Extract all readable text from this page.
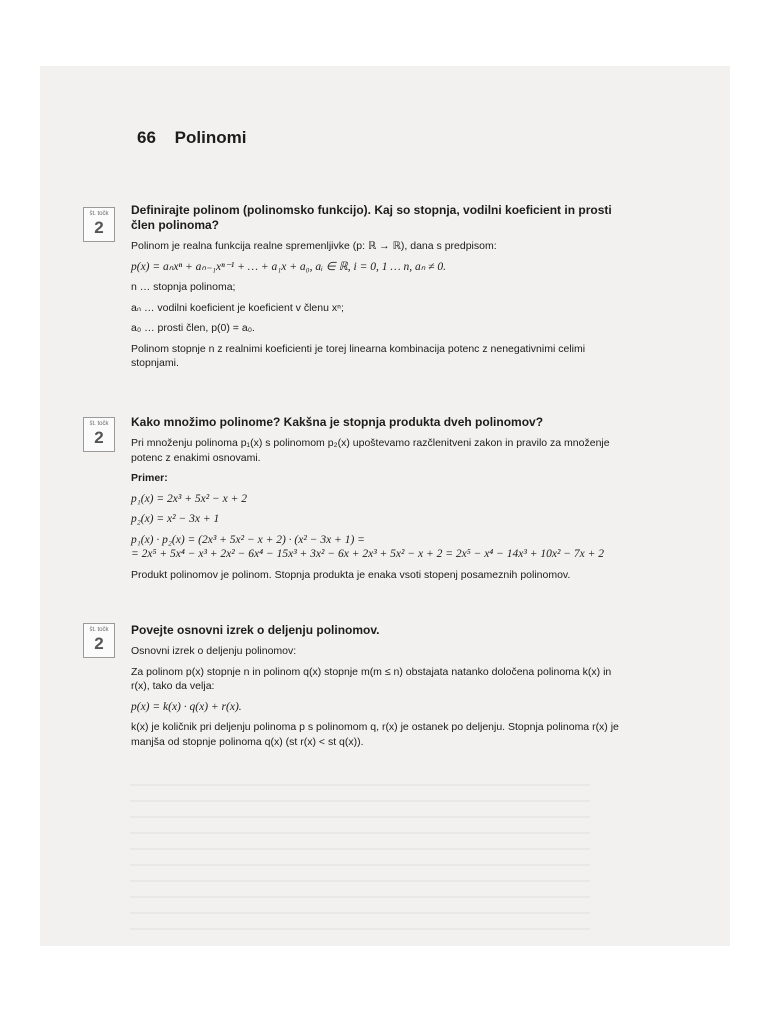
66 Polinomi
št. točk
2

Definirajte polinom (polinomsko funkcijo). Kaj so stopnja, vodilni koeficient in prosti člen polinoma?

Polinom je realna funkcija realne spremenljivke (p: ℝ → ℝ), dana s predpisom:

p(x) = aₙxⁿ + aₙ₋₁xⁿ⁻¹ + … + a₁x + a₀, aᵢ ∈ ℝ, i = 0, 1 … n, aₙ ≠ 0.

n … stopnja polinoma;

aₙ … vodilni koeficient je koeficient v členu xⁿ;

a₀ … prosti člen, p(0) = a₀.

Polinom stopnje n z realnimi koeficienti je torej linearna kombinacija potenc z nenegativnimi celimi stopnjami.

št. točk
2

Kako množimo polinome? Kakšna je stopnja produkta dveh polinomov?

Pri množenju polinoma p₁(x) s polinomom p₂(x) upoštevamo razčlenitveni zakon in pravilo za množenje potenc z enakimi osnovami.

Primer:

p₁(x) = 2x³ + 5x² − x + 2

p₂(x) = x² − 3x + 1

p₁(x) · p₂(x) = (2x³ + 5x² − x + 2) · (x² − 3x + 1) =

= 2x⁵ + 5x⁴ − x³ + 2x² − 6x⁴ − 15x³ + 3x² − 6x + 2x³ + 5x² − x + 2 = 2x⁵ − x⁴ − 14x³ + 10x² − 7x + 2

Produkt polinomov je polinom. Stopnja produkta je enaka vsoti stopenj posameznih polinomov.

št. točk
2

Povejte osnovni izrek o deljenju polinomov.

Osnovni izrek o deljenju polinomov:

Za polinom p(x) stopnje n in polinom q(x) stopnje m(m ≤ n) obstajata natanko določena polinoma k(x) in r(x), tako da velja:

p(x) = k(x) · q(x) + r(x).

k(x) je količnik pri deljenju polinoma p s polinomom q, r(x) je ostanek po deljenju. Stopnja polinoma r(x) je manjša od stopnje polinoma q(x) (st r(x) < st q(x)).
